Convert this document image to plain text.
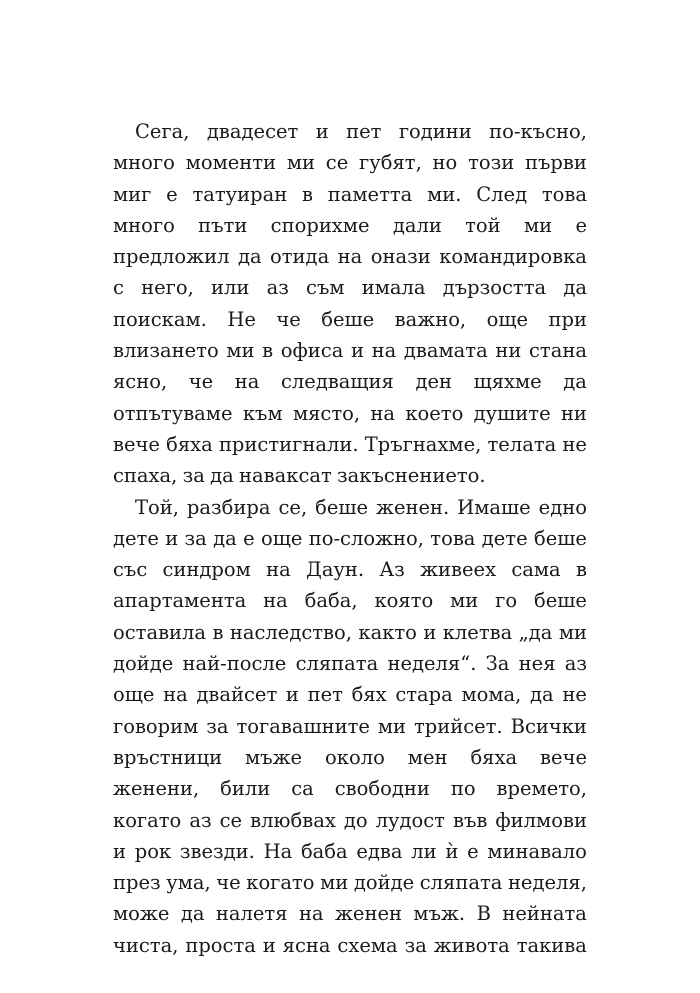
Сега, двадесет и пет години по-късно,
много моменти ми се губят, но този първи
миг е татуиран в паметта ми. След това
много пъти спорихме дали той ми е
предложил да отида на онази командировка
с него, или аз съм имала дързостта да
поискам. Не че беше важно, още при
влизането ми в офиса и на двамата ни стана
ясно, че на следващия ден щяхме да
отпътуваме към място, на което душите ни
вече бяха пристигнали. Тръгнахме, телата не
спаха, за да наваксат закъснението.
Той, разбира се, беше женен. Имаше едно
дете и за да е още по-сложно, това дете беше
със синдром на Даун. Аз живеех сама в
апартамента на баба, която ми го беше
оставила в наследство, както и клетва „да ми
дойде най-после сляпата неделя“. За нея аз
още на двайсет и пет бях стара мома, да не
говорим за тогавашните ми трийсет. Всички
връстници мъже около мен бяха вече
женени, били са свободни по времето,
когато аз се влюбвах до лудост във филмови
и рок звезди. На баба едва ли ѝ е минавало
през ума, че когато ми дойде сляпата неделя,
може да налетя на женен мъж. В нейната
чиста, проста и ясна схема за живота такива
